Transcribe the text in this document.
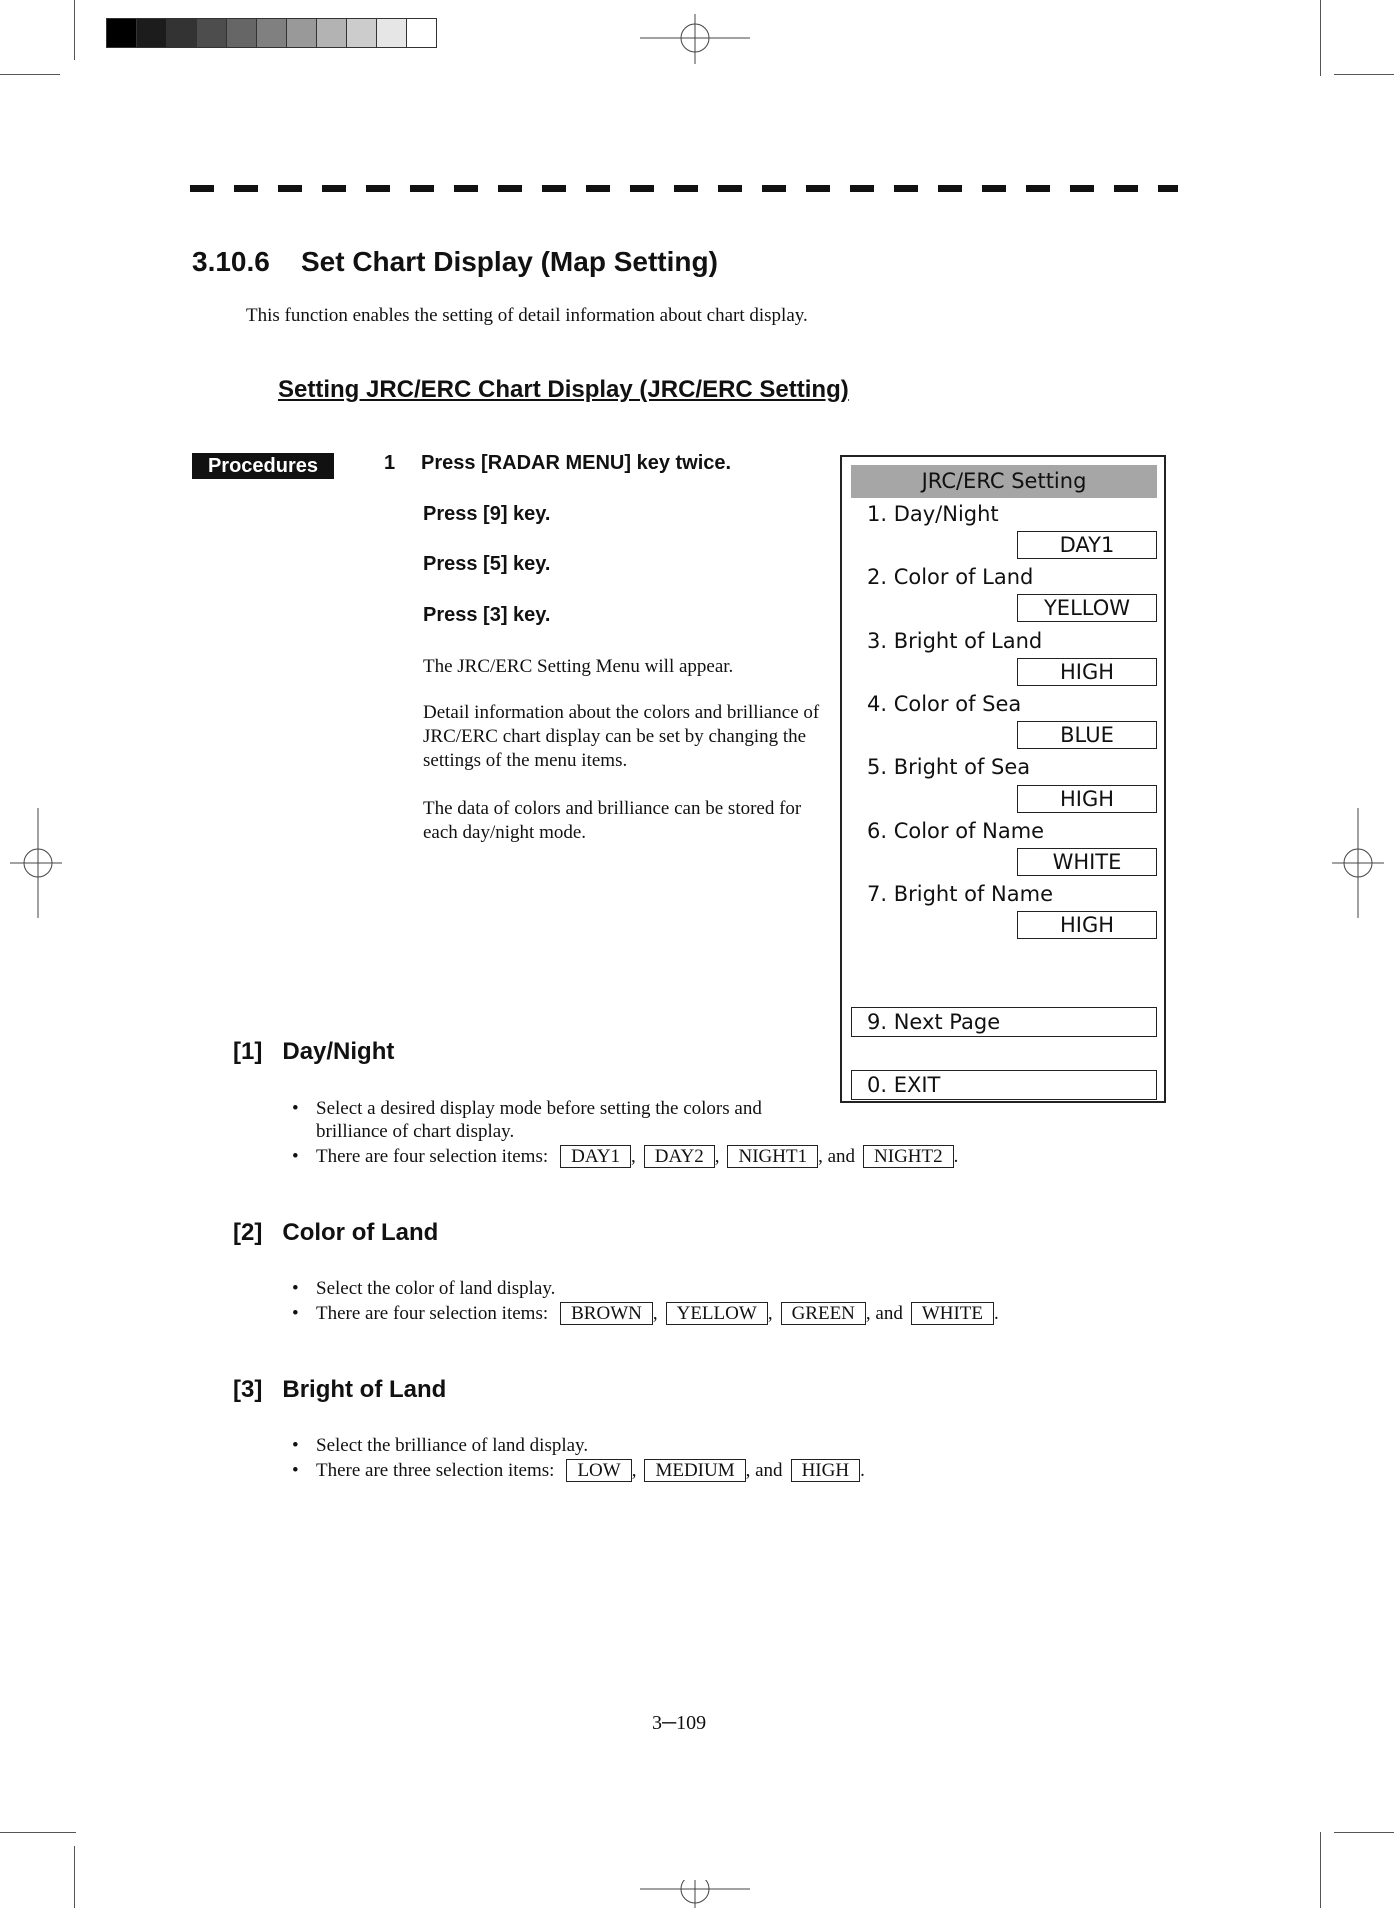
3.10.6 Set Chart Display (Map Setting)
This function enables the setting of detail information about chart display.
Setting JRC/ERC Chart Display (JRC/ERC Setting)
Procedures	1 Press [RADAR MENU] key twice.
Press [9] key.
Press [5] key.
Press [3] key.
The JRC/ERC Setting Menu will appear.
Detail information about the colors and brilliance of JRC/ERC chart display can be set by changing the settings of the menu items.
The data of colors and brilliance can be stored for each day/night mode.
JRC/ERC Setting
1. Day/Night
DAY1
2. Color of Land
YELLOW
3. Bright of Land
HIGH
4. Color of Sea
BLUE
5. Bright of Sea
HIGH
6. Color of Name
WHITE
7. Bright of Name
HIGH
9. Next Page
0. EXIT
[1] Day/Night
• Select a desired display mode before setting the colors and
brilliance of chart display.
• There are four selection items: DAY1 , DAY2 , NIGHT1 , and NIGHT2 .
[2] Color of Land
• Select the color of land display.
• There are four selection items: BROWN , YELLOW , GREEN , and WHITE .
[3] Bright of Land
• Select the brilliance of land display.
• There are three selection items: LOW , MEDIUM , and HIGH .
3─109
